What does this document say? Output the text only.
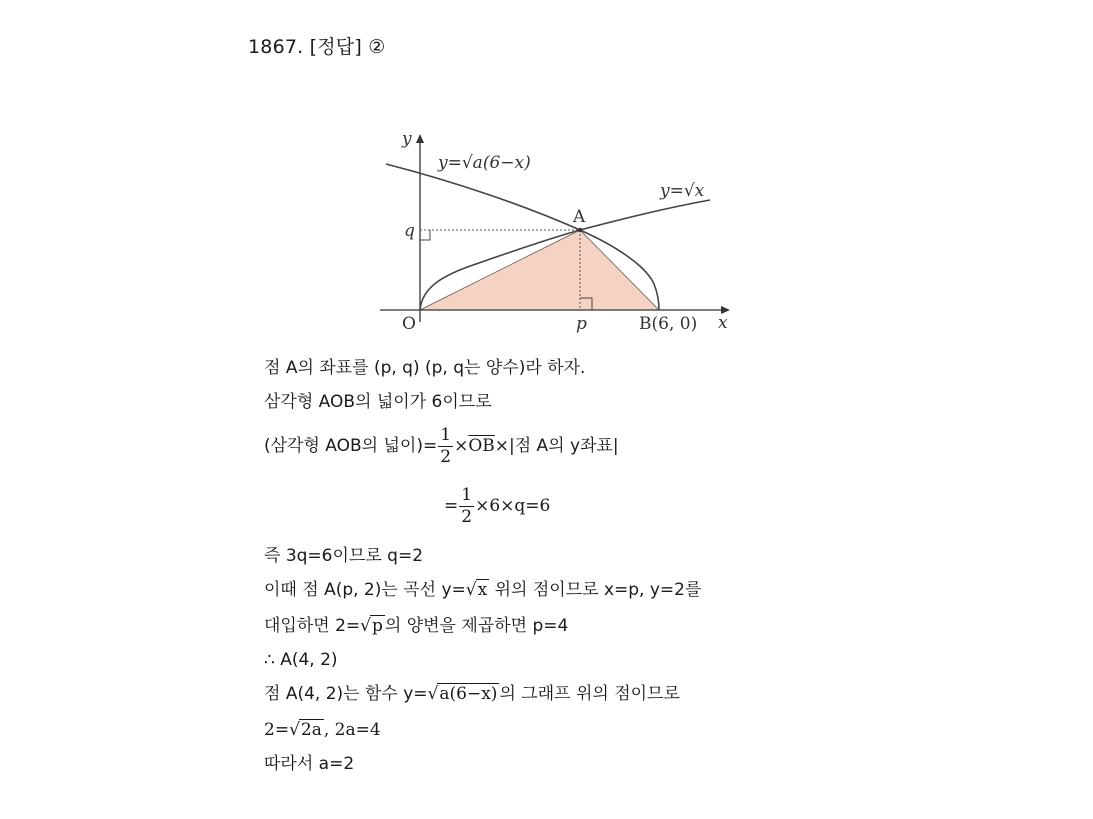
1867. [정답] ②
y
x
y=√a(6−x)
y=√x
q
A
O	p	B(6, 0)
점 A의 좌표를 (p, q) (p, q는 양수)라 하자.
삼각형 AOB의 넓이가 6이므로
(삼각형 AOB의 넓이)= $\frac{1}{2} \times\overline{OB}\times|$점 A의 y좌표|
= $\frac{1}{2} \times 6\times q=6$
즉 3q=6이므로 q=2
이때 점 A(p, 2)는 곡선 y=√x 위의 점이므로 x=p, y=2를
대입하면 2=√p 의 양변을 제곱하면 p=4
∴ A(4, 2)
점 A(4, 2)는 함수 y=√a(6−x) 의 그래프 위의 점이므로
2=√2a , 2a=4
따라서 a=2
